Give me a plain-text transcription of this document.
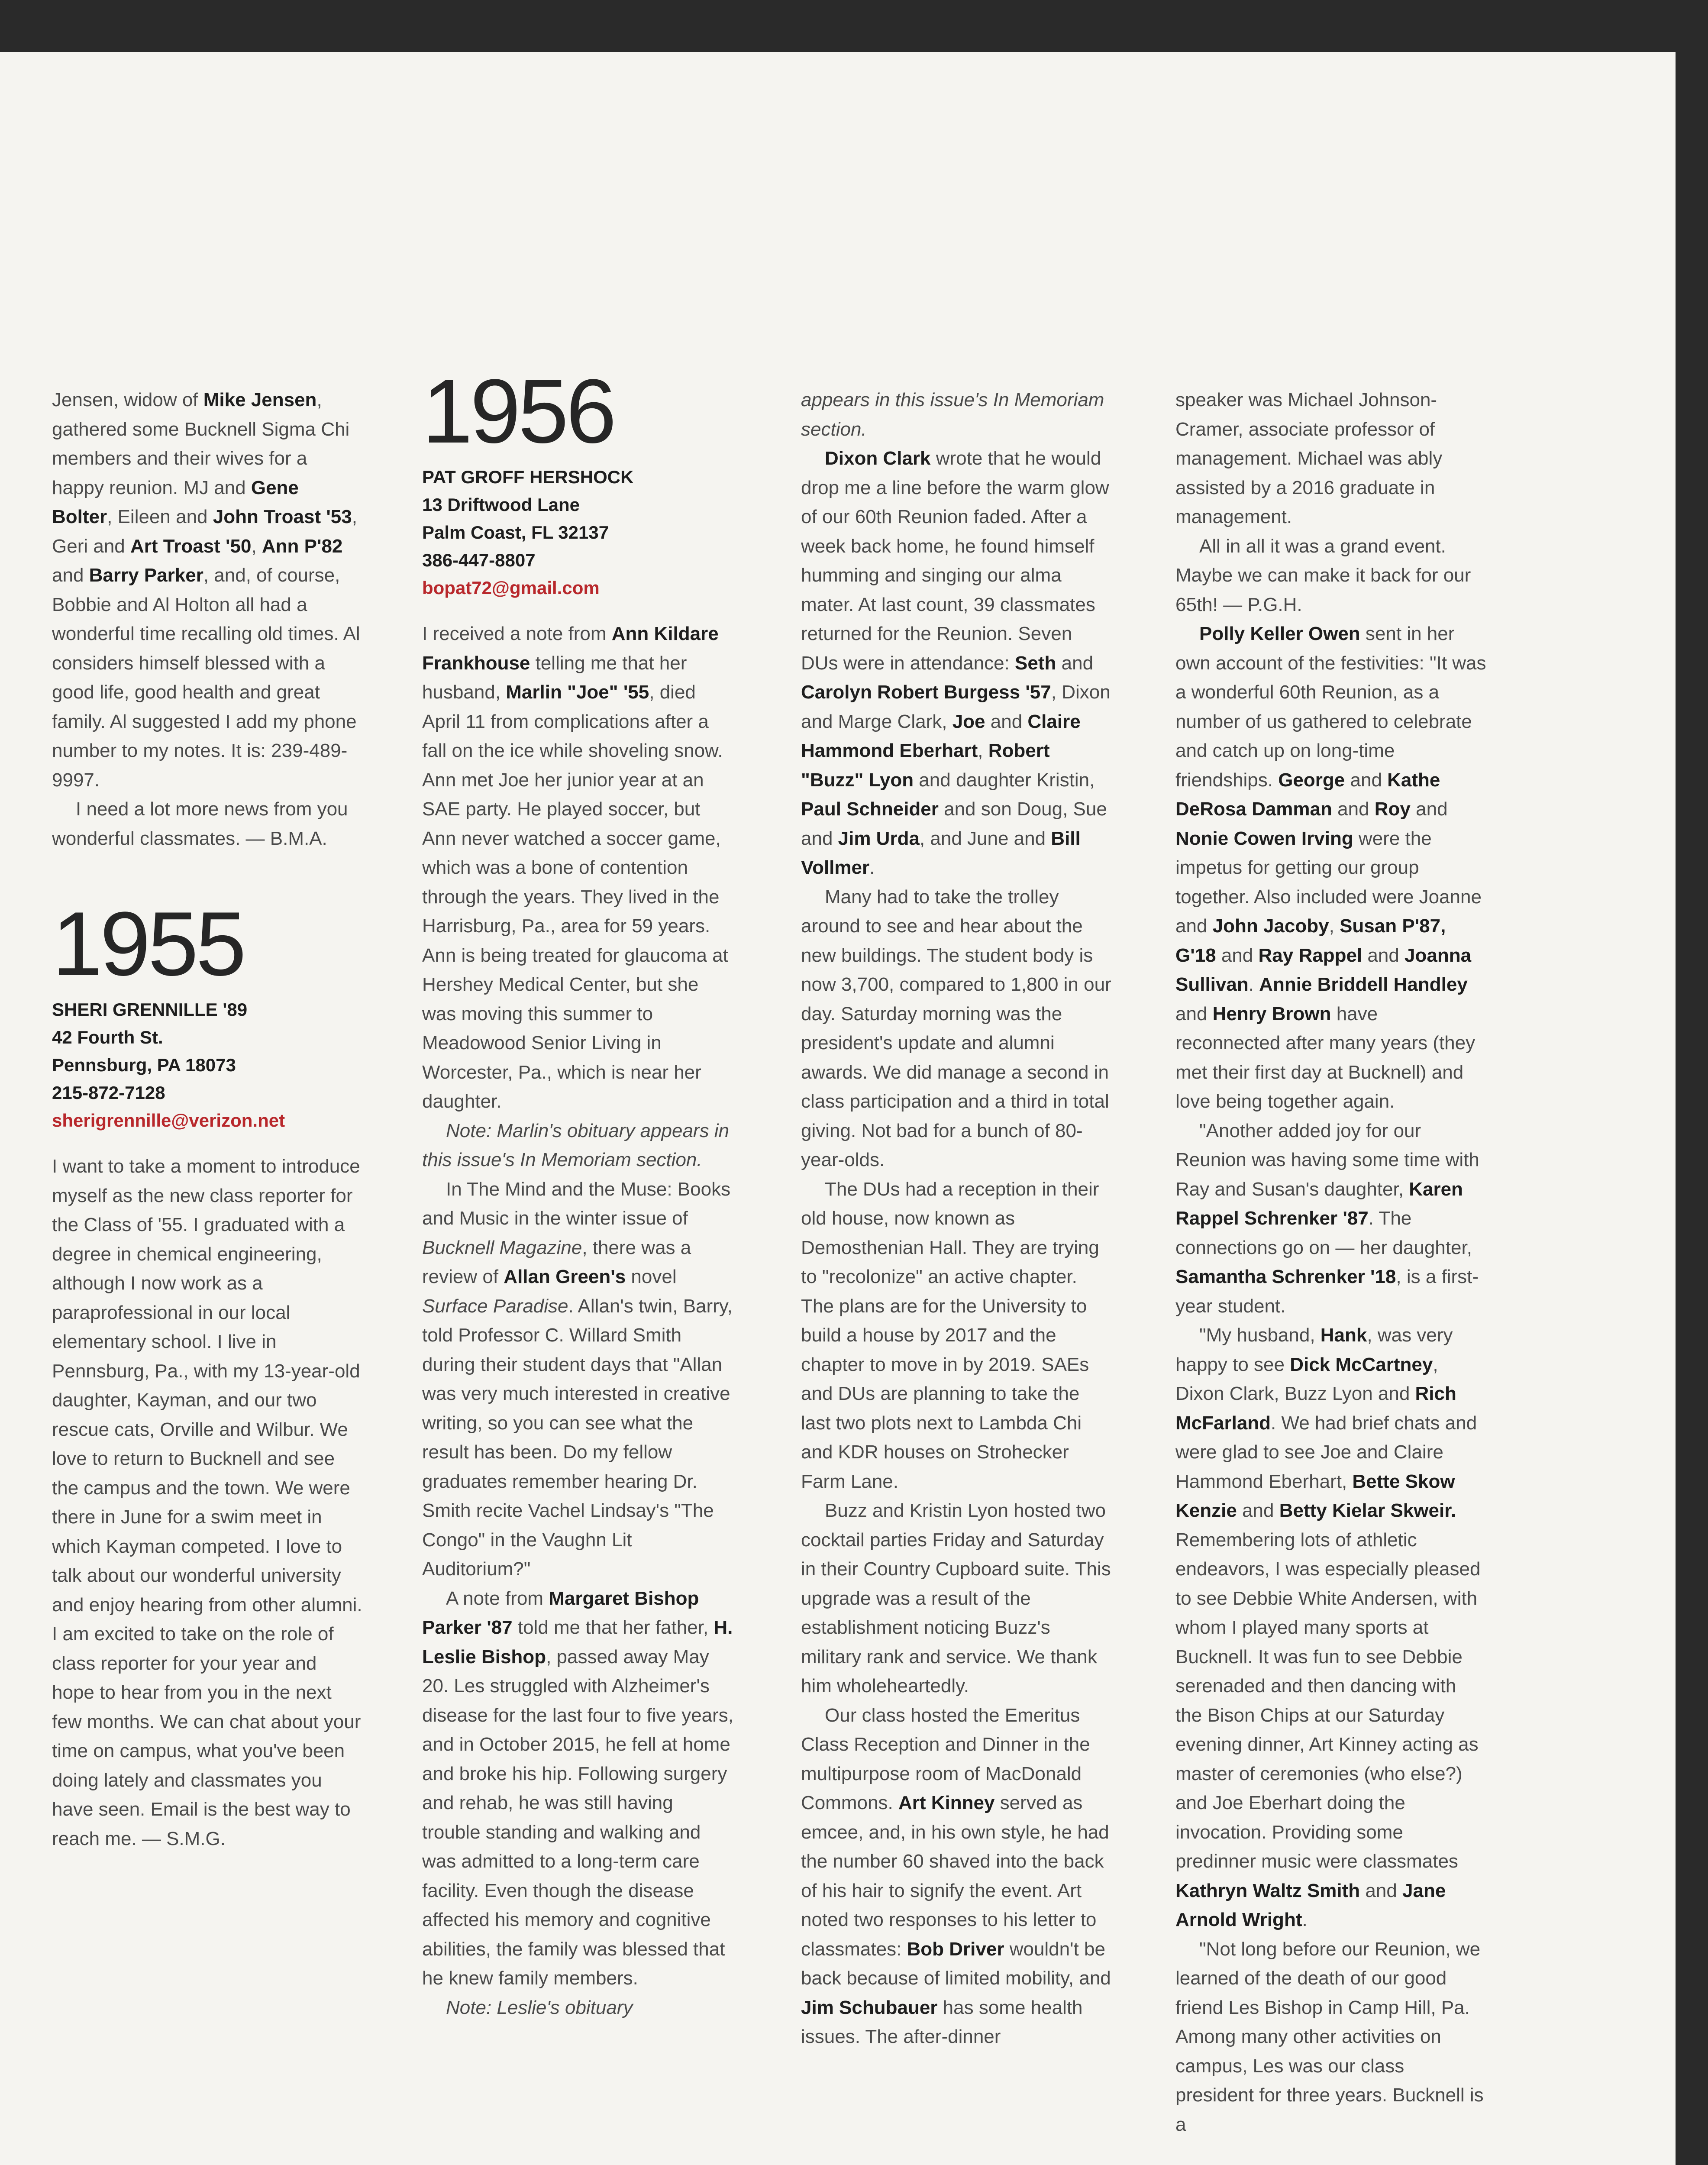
Jensen, widow of Mike Jensen, gathered some Bucknell Sigma Chi members and their wives for a happy reunion. MJ and Gene Bolter, Eileen and John Troast '53, Geri and Art Troast '50, Ann P'82 and Barry Parker, and, of course, Bobbie and Al Holton all had a wonderful time recalling old times. Al considers himself blessed with a good life, good health and great family. Al suggested I add my phone number to my notes. It is: 239-489-9997.

I need a lot more news from you wonderful classmates. — B.M.A.

1955
SHERI GRENNILLE '89
42 Fourth St.
Pennsburg, PA 18073
215-872-7128
sherigrennille@verizon.net

I want to take a moment to introduce myself as the new class reporter for the Class of '55. I graduated with a degree in chemical engineering, although I now work as a paraprofessional in our local elementary school. I live in Pennsburg, Pa., with my 13-year-old daughter, Kayman, and our two rescue cats, Orville and Wilbur. We love to return to Bucknell and see the campus and the town. We were there in June for a swim meet in which Kayman competed. I love to talk about our wonderful university and enjoy hearing from other alumni. I am excited to take on the role of class reporter for your year and hope to hear from you in the next few months. We can chat about your time on campus, what you've been doing lately and classmates you have seen. Email is the best way to reach me. — S.M.G.

1956
PAT GROFF HERSHOCK
13 Driftwood Lane
Palm Coast, FL 32137
386-447-8807
bopat72@gmail.com

I received a note from Ann Kildare Frankhouse telling me that her husband, Marlin "Joe" '55, died April 11 from complications after a fall on the ice while shoveling snow. Ann met Joe her junior year at an SAE party. He played soccer, but Ann never watched a soccer game, which was a bone of contention through the years. They lived in the Harrisburg, Pa., area for 59 years. Ann is being treated for glaucoma at Hershey Medical Center, but she was moving this summer to Meadowood Senior Living in Worcester, Pa., which is near her daughter.

Note: Marlin's obituary appears in this issue's In Memoriam section.

In The Mind and the Muse: Books and Music in the winter issue of Bucknell Magazine, there was a review of Allan Green's novel Surface Paradise. Allan's twin, Barry, told Professor C. Willard Smith during their student days that "Allan was very much interested in creative writing, so you can see what the result has been. Do my fellow graduates remember hearing Dr. Smith recite Vachel Lindsay's "The Congo" in the Vaughn Lit Auditorium?"

A note from Margaret Bishop Parker '87 told me that her father, H. Leslie Bishop, passed away May 20. Les struggled with Alzheimer's disease for the last four to five years, and in October 2015, he fell at home and broke his hip. Following surgery and rehab, he was still having trouble standing and walking and was admitted to a long-term care facility. Even though the disease affected his memory and cognitive abilities, the family was blessed that he knew family members.

Note: Leslie's obituary

appears in this issue's In Memoriam section.

Dixon Clark wrote that he would drop me a line before the warm glow of our 60th Reunion faded. After a week back home, he found himself humming and singing our alma mater. At last count, 39 classmates returned for the Reunion. Seven DUs were in attendance: Seth and Carolyn Robert Burgess '57, Dixon and Marge Clark, Joe and Claire Hammond Eberhart, Robert "Buzz" Lyon and daughter Kristin, Paul Schneider and son Doug, Sue and Jim Urda, and June and Bill Vollmer.

Many had to take the trolley around to see and hear about the new buildings. The student body is now 3,700, compared to 1,800 in our day. Saturday morning was the president's update and alumni awards. We did manage a second in class participation and a third in total giving. Not bad for a bunch of 80-year-olds.

The DUs had a reception in their old house, now known as Demosthenian Hall. They are trying to "recolonize" an active chapter. The plans are for the University to build a house by 2017 and the chapter to move in by 2019. SAEs and DUs are planning to take the last two plots next to Lambda Chi and KDR houses on Strohecker Farm Lane.

Buzz and Kristin Lyon hosted two cocktail parties Friday and Saturday in their Country Cupboard suite. This upgrade was a result of the establishment noticing Buzz's military rank and service. We thank him wholeheartedly.

Our class hosted the Emeritus Class Reception and Dinner in the multipurpose room of MacDonald Commons. Art Kinney served as emcee, and, in his own style, he had the number 60 shaved into the back of his hair to signify the event. Art noted two responses to his letter to classmates: Bob Driver wouldn't be back because of limited mobility, and Jim Schubauer has some health issues. The after-dinner

speaker was Michael Johnson-Cramer, associate professor of management. Michael was ably assisted by a 2016 graduate in management.

All in all it was a grand event. Maybe we can make it back for our 65th! — P.G.H.

Polly Keller Owen sent in her own account of the festivities: "It was a wonderful 60th Reunion, as a number of us gathered to celebrate and catch up on long-time friendships. George and Kathe DeRosa Damman and Roy and Nonie Cowen Irving were the impetus for getting our group together. Also included were Joanne and John Jacoby, Susan P'87, G'18 and Ray Rappel and Joanna Sullivan. Annie Briddell Handley and Henry Brown have reconnected after many years (they met their first day at Bucknell) and love being together again.

"Another added joy for our Reunion was having some time with Ray and Susan's daughter, Karen Rappel Schrenker '87. The connections go on — her daughter, Samantha Schrenker '18, is a first-year student.

"My husband, Hank, was very happy to see Dick McCartney, Dixon Clark, Buzz Lyon and Rich McFarland. We had brief chats and were glad to see Joe and Claire Hammond Eberhart, Bette Skow Kenzie and Betty Kielar Skweir. Remembering lots of athletic endeavors, I was especially pleased to see Debbie White Andersen, with whom I played many sports at Bucknell. It was fun to see Debbie serenaded and then dancing with the Bison Chips at our Saturday evening dinner, Art Kinney acting as master of ceremonies (who else?) and Joe Eberhart doing the invocation. Providing some predinner music were classmates Kathryn Waltz Smith and Jane Arnold Wright.

"Not long before our Reunion, we learned of the death of our good friend Les Bishop in Camp Hill, Pa. Among many other activities on campus, Les was our class president for three years. Bucknell is a
